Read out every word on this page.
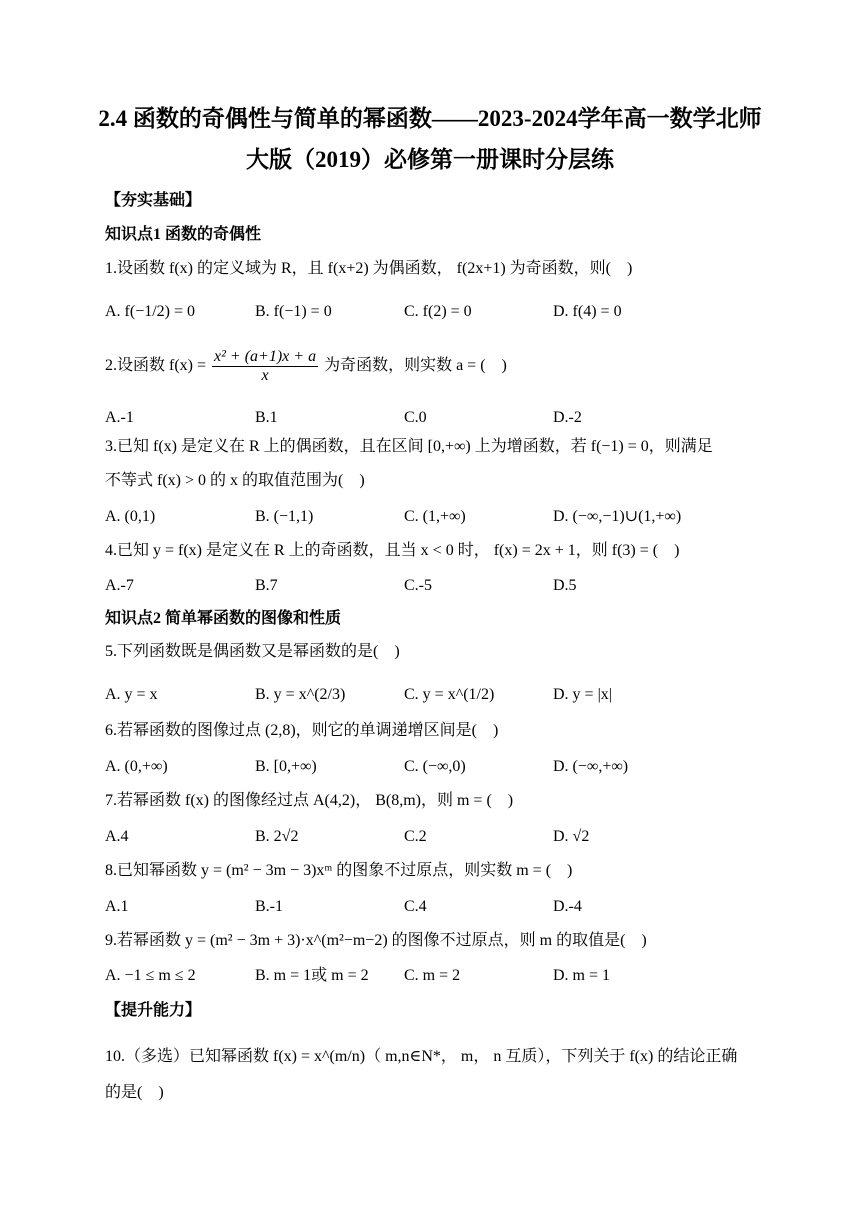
2.4 函数的奇偶性与简单的幂函数——2023-2024学年高一数学北师
大版（2019）必修第一册课时分层练
【夯实基础】
知识点1 函数的奇偶性
1.设函数 f(x) 的定义域为 R，且 f(x+2) 为偶函数， f(2x+1) 为奇函数，则(　)
A. f(−1/2) = 0	B. f(−1) = 0	C. f(2) = 0	D. f(4) = 0
2.设函数 $f(x) = \frac{\text{x² + (a+1)x + a}}{x}$ 为奇函数，则实数 a = (　)
A.-1	B.1	C.0	D.-2
3.已知 f(x) 是定义在 R 上的偶函数，且在区间 [0,+∞) 上为增函数，若 f(−1) = 0，则满足
不等式 f(x) > 0 的 x 的取值范围为(　)
A. (0,1)	B. (−1,1)	C. (1,+∞)	D. (−∞,−1)∪(1,+∞)
4.已知 y = f(x) 是定义在 R 上的奇函数，且当 x < 0 时， f(x) = 2x + 1，则 f(3) = (　)
A.-7	B.7	C.-5	D.5
知识点2 简单幂函数的图像和性质
5.下列函数既是偶函数又是幂函数的是(　)
A. y = x	B. y = x^(2/3)	C. y = x^(1/2)	D. y = |x|
6.若幂函数的图像过点 (2,8)，则它的单调递增区间是(　)
A. (0,+∞)	B. [0,+∞)	C. (−∞,0)	D. (−∞,+∞)
7.若幂函数 f(x) 的图像经过点 A(4,2)， B(8,m)，则 m = (　)
A.4	B. 2√2	C.2	D. √2
8.已知幂函数 y = (m² − 3m − 3)xᵐ 的图象不过原点，则实数 m = (　)
A.1	B.-1	C.4	D.-4
9.若幂函数 y = (m² − 3m + 3)·x^(m²−m−2) 的图像不过原点，则 m 的取值是(　)
A. −1 ≤ m ≤ 2	B. m = 1或 m = 2 C. m = 2	D. m = 1
【提升能力】
10.（多选）已知幂函数 f(x) = x^(m/n)（ m,n∈N*， m， n 互质），下列关于 f(x) 的结论正确
的是(　)
